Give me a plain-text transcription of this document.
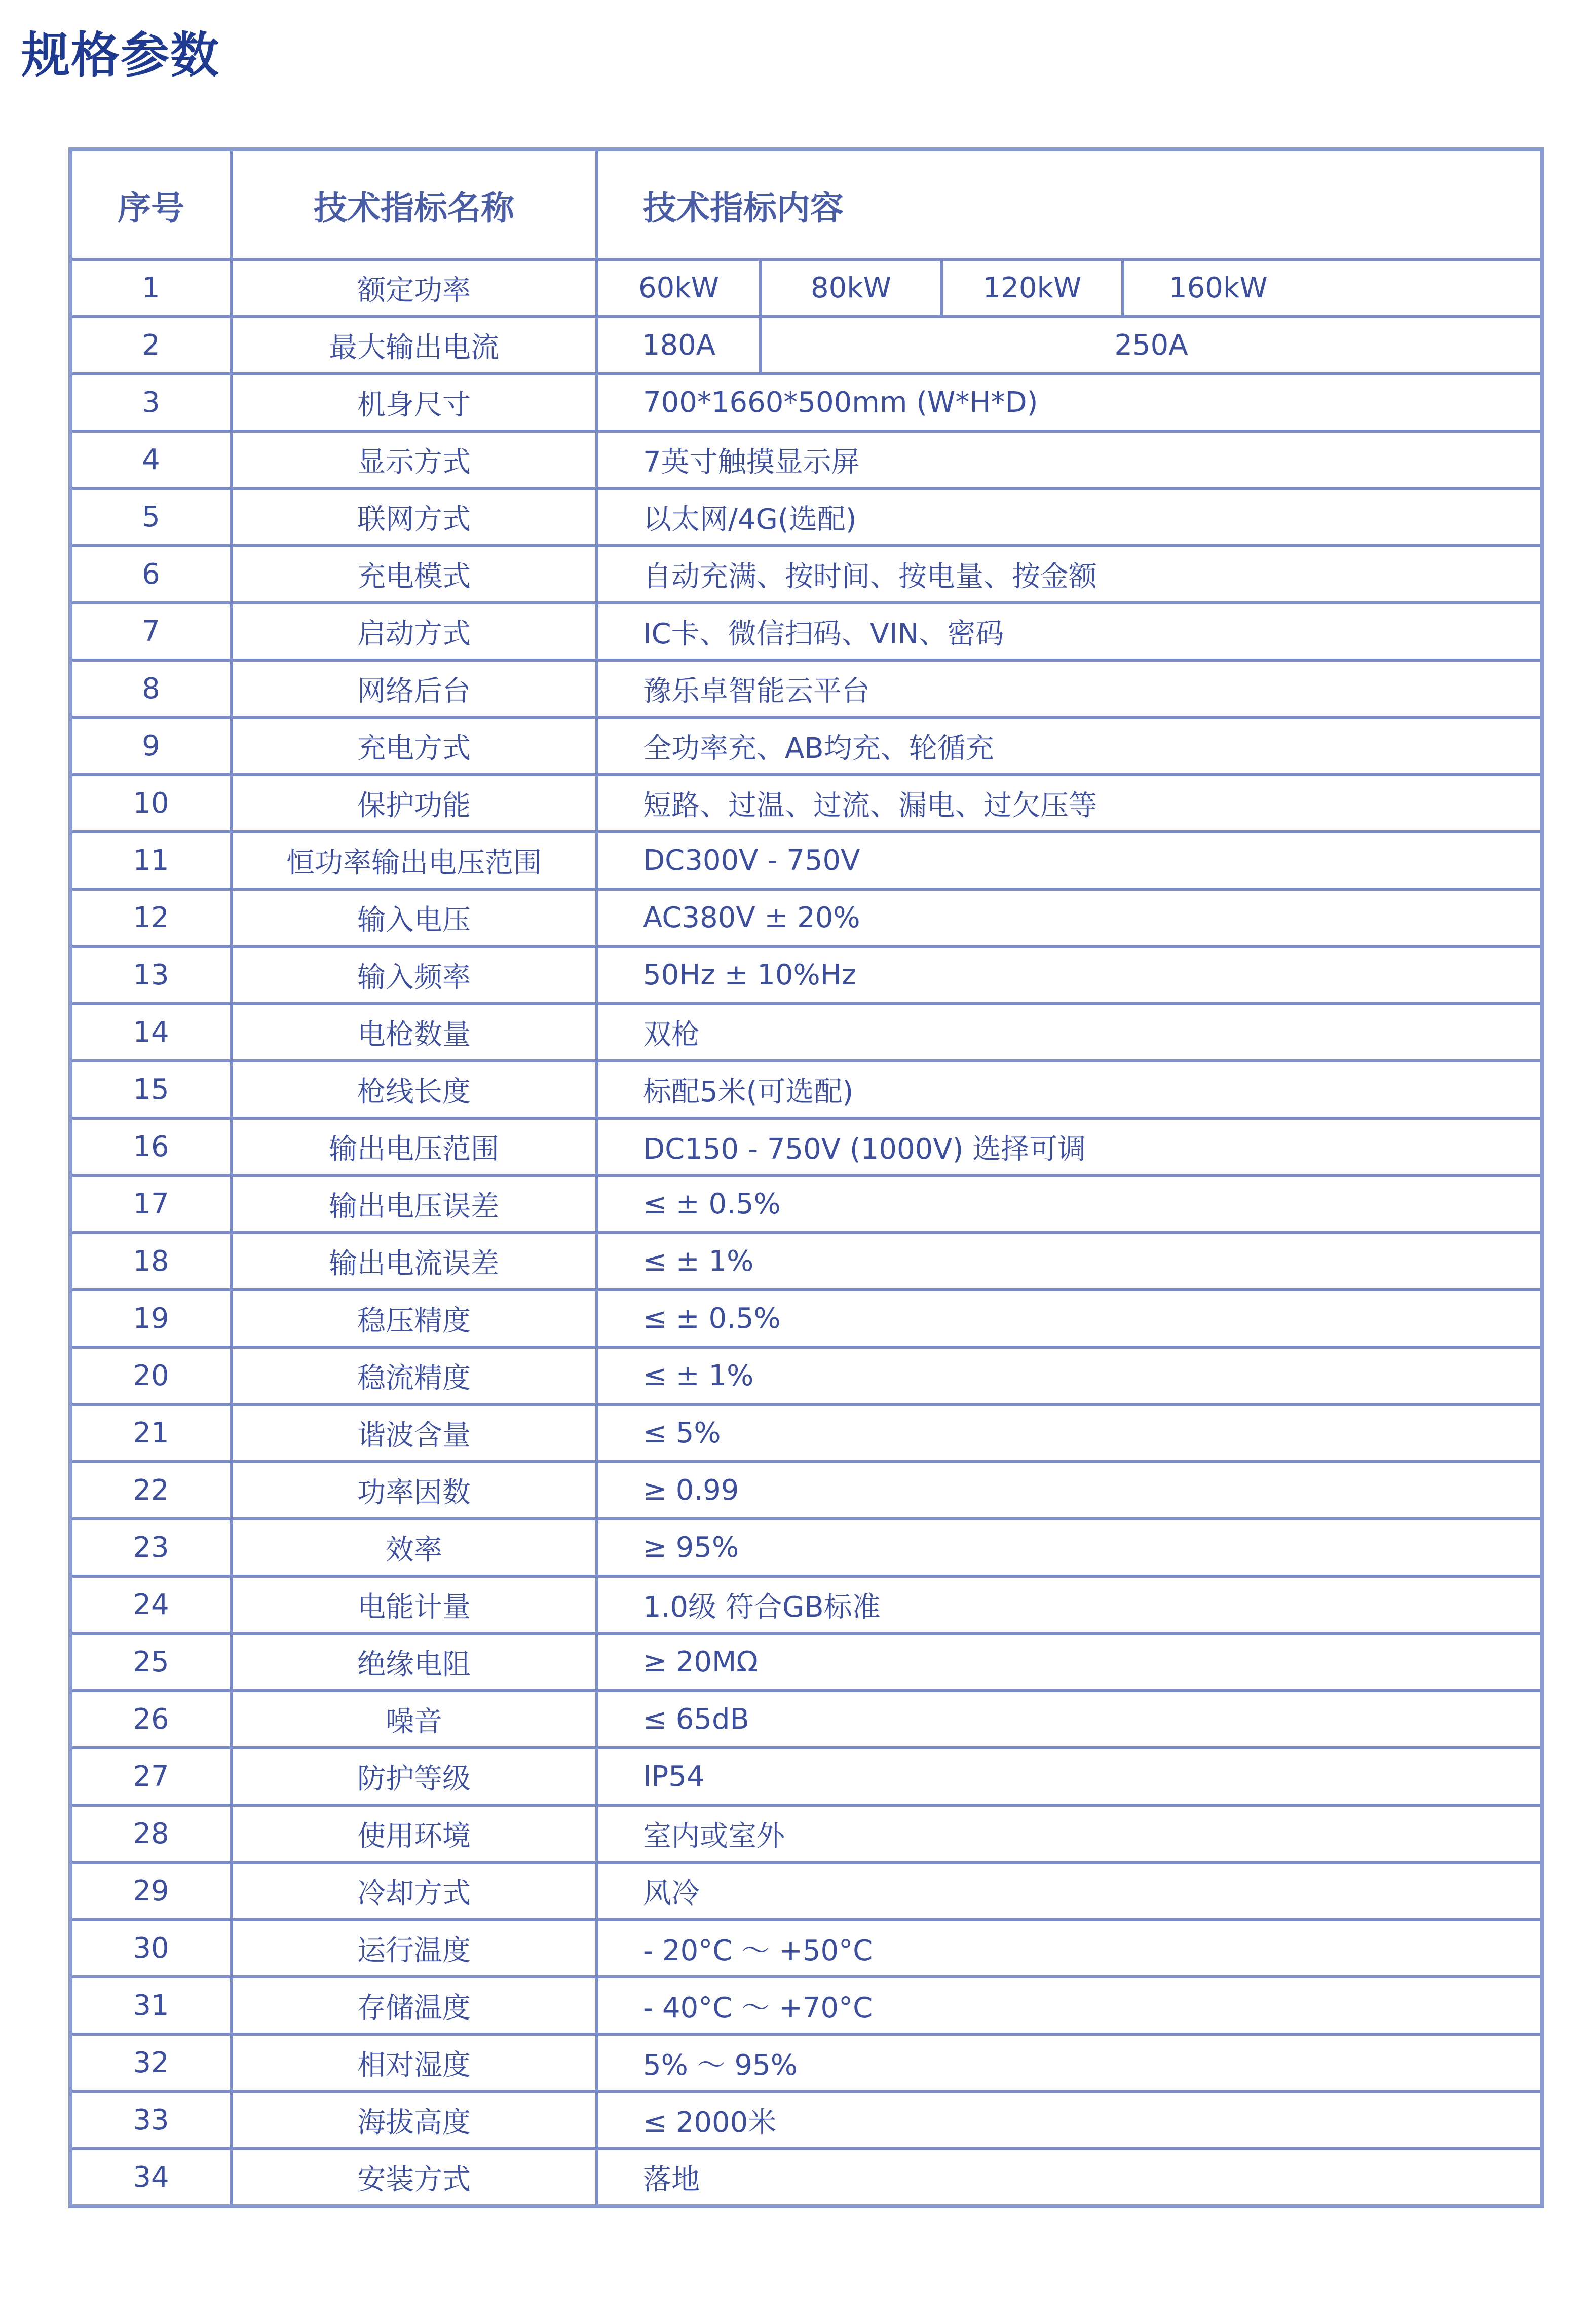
规格参数
序号	技术指标名称	技术指标内容			
1	额定功率	60kW	80kW	120kW	160kW
2	最大输出电流	180A	250A		
3	机身尺寸	700*1660*500mm (W*H*D)			
4	显示方式	7英寸触摸显示屏			
5	联网方式	以太网/4G(选配)			
6	充电模式	自动充满、按时间、按电量、按金额			
7	启动方式	IC卡、微信扫码、VIN、密码			
8	网络后台	豫乐卓智能云平台			
9	充电方式	全功率充、AB均充、轮循充			
10	保护功能	短路、过温、过流、漏电、过欠压等			
11	恒功率输出电压范围	DC300V - 750V			
12	输入电压	AC380V ± 20%			
13	输入频率	50Hz ± 10%Hz			
14	电枪数量	双枪			
15	枪线长度	标配5米(可选配)			
16	输出电压范围	DC150 - 750V (1000V) 选择可调			
17	输出电压误差	≤ ± 0.5%			
18	输出电流误差	≤ ± 1%			
19	稳压精度	≤ ± 0.5%			
20	稳流精度	≤ ± 1%			
21	谐波含量	≤ 5%			
22	功率因数	≥ 0.99			
23	效率	≥ 95%			
24	电能计量	1.0级 符合GB标准			
25	绝缘电阻	≥ 20MΩ			
26	噪音	≤ 65dB			
27	防护等级	IP54			
28	使用环境	室内或室外			
29	冷却方式	风冷			
30	运行温度	- 20°C ～ +50°C			
31	存储温度	- 40°C ～ +70°C			
32	相对湿度	5% ～ 95%			
33	海拔高度	≤ 2000米			
34	安装方式	落地			
